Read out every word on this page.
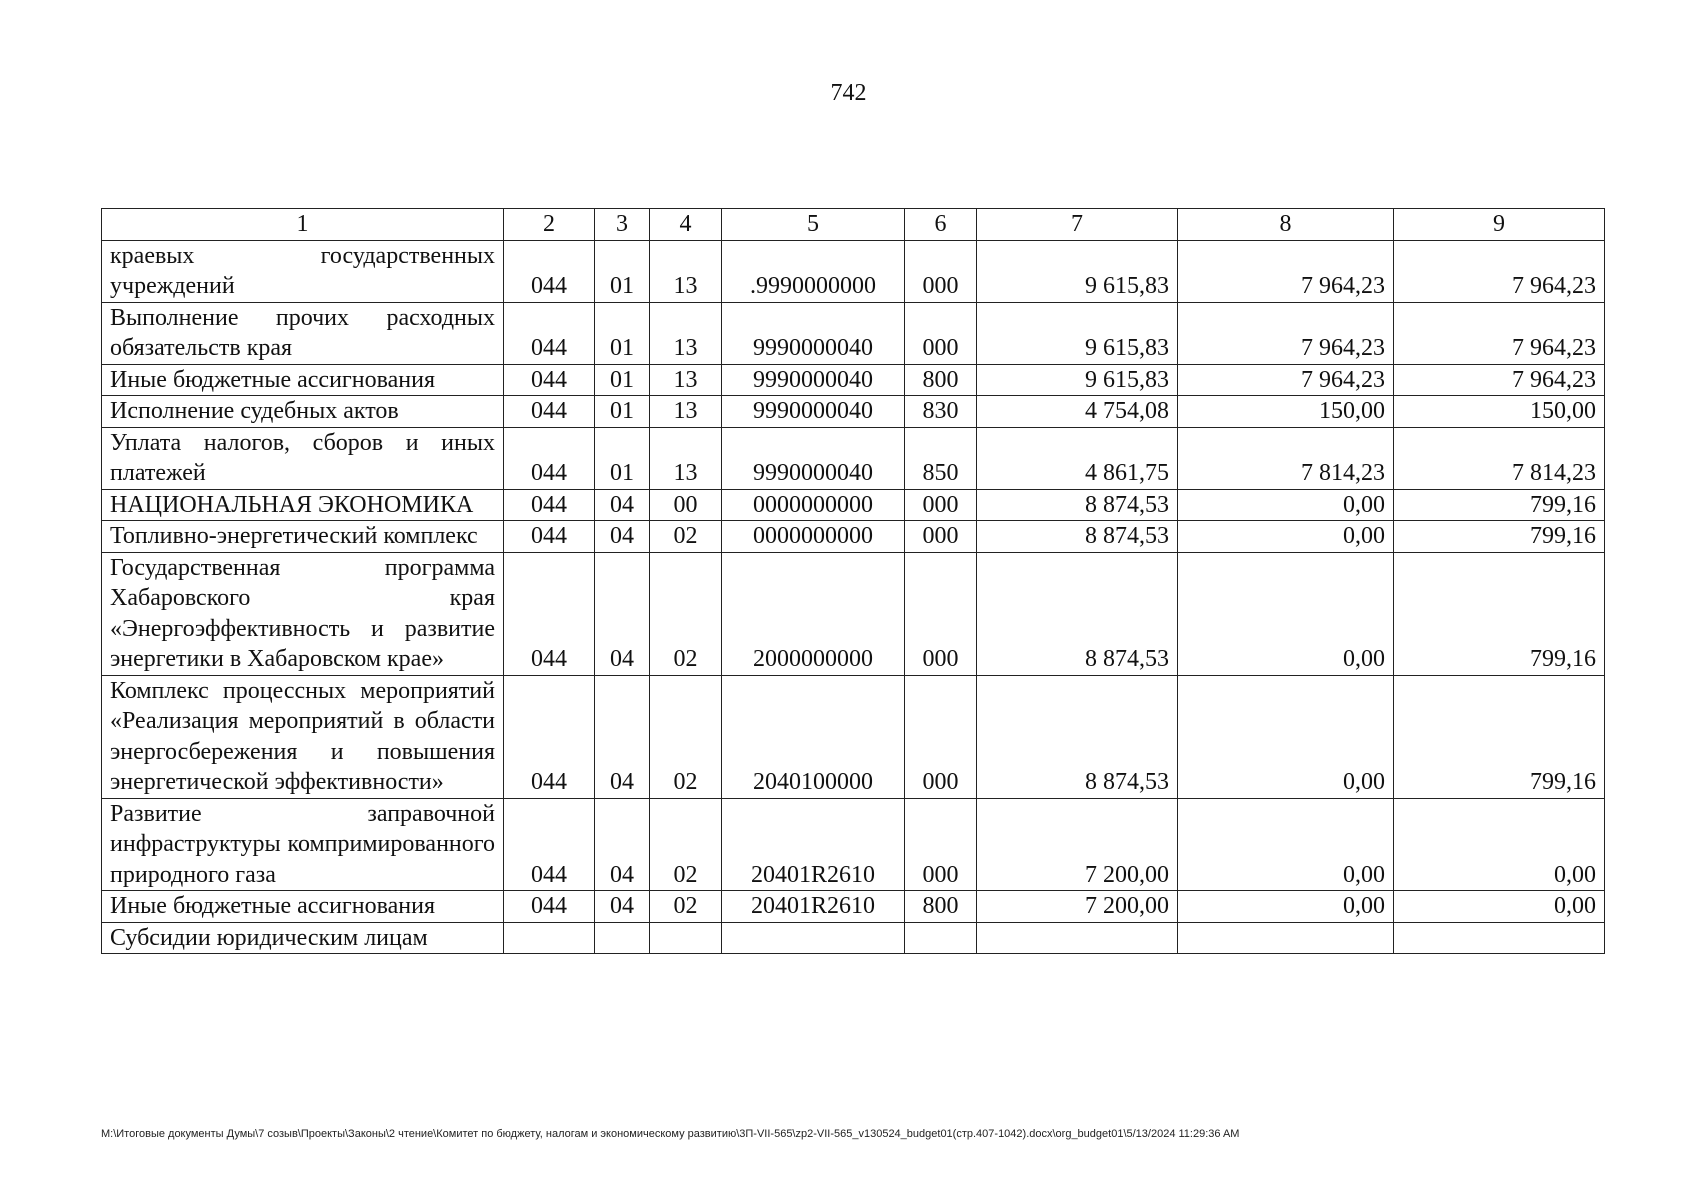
742
1	2	3	4	5	6	7	8	9
краевых государственных учреждений	044	01	13	.9990000000	000	9 615,83	7 964,23	7 964,23
Выполнение прочих расходных обязательств края	044	01	13	9990000040	000	9 615,83	7 964,23	7 964,23
Иные бюджетные ассигнования	044	01	13	9990000040	800	9 615,83	7 964,23	7 964,23
Исполнение судебных актов	044	01	13	9990000040	830	4 754,08	150,00	150,00
Уплата налогов, сборов и иных платежей	044	01	13	9990000040	850	4 861,75	7 814,23	7 814,23
НАЦИОНАЛЬНАЯ ЭКОНОМИКА	044	04	00	0000000000	000	8 874,53	0,00	799,16
Топливно-энергетический комплекс	044	04	02	0000000000	000	8 874,53	0,00	799,16
Государственная программа Хабаровского края «Энергоэффективность и развитие энергетики в Хабаровском крае»	044	04	02	2000000000	000	8 874,53	0,00	799,16
Комплекс процессных мероприятий «Реализация мероприятий в области энергосбережения и повышения энергетической эффективности»	044	04	02	2040100000	000	8 874,53	0,00	799,16
Развитие заправочной инфраструктуры компримированного природного газа	044	04	02	20401R2610	000	7 200,00	0,00	0,00
Иные бюджетные ассигнования	044	04	02	20401R2610	800	7 200,00	0,00	0,00
Субсидии юридическим лицам								
M:\Итоговые документы Думы\7 созыв\Проекты\Законы\2 чтение\Комитет по бюджету, налогам и экономическому развитию\3П-VII-565\zp2-VII-565_v130524_budget01(стр.407-1042).docx\org_budget01\5/13/2024 11:29:36 AM
